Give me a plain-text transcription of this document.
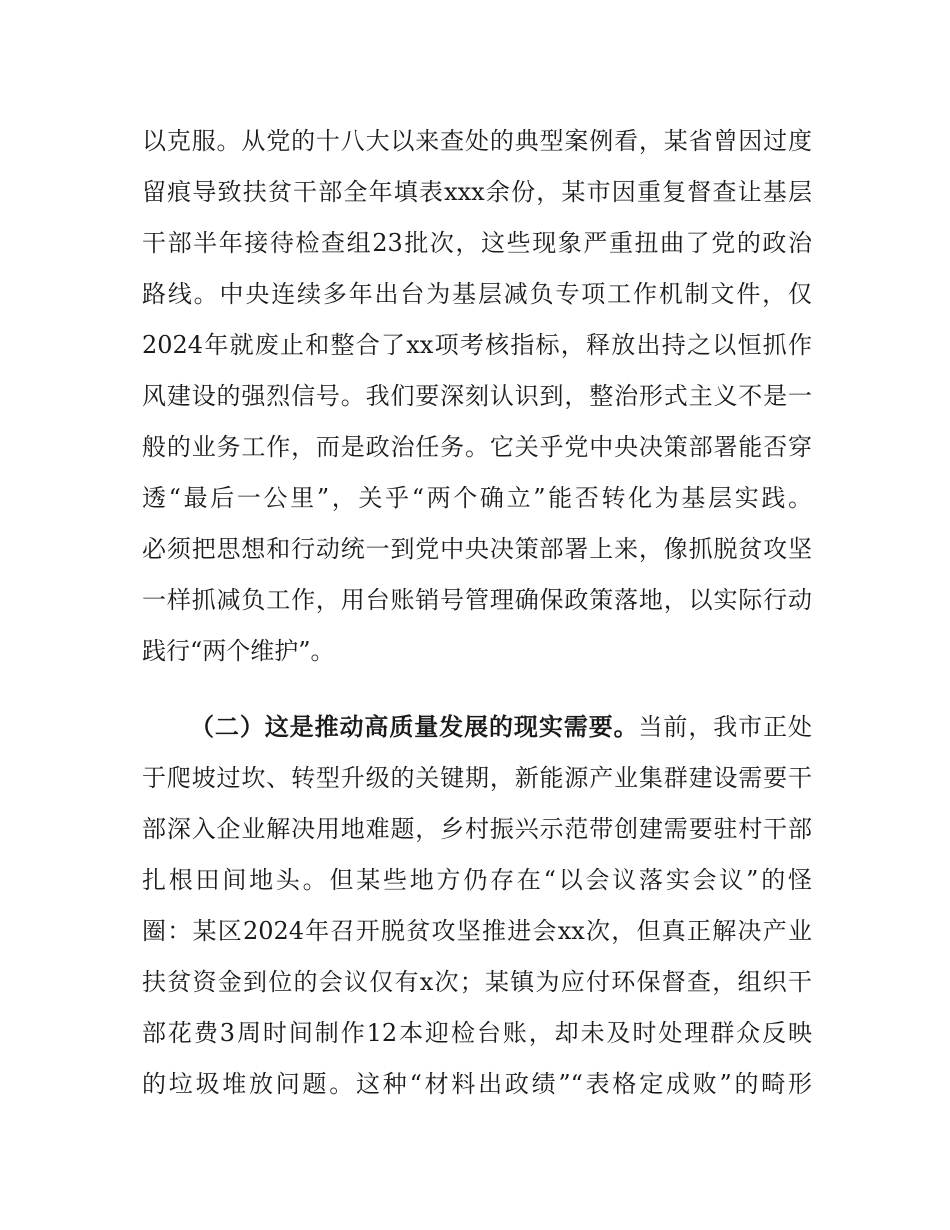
以克服。从党的十八大以来查处的典型案例看，某省曾因过度
留痕导致扶贫干部全年填表xxx余份，某市因重复督查让基层
干部半年接待检查组23批次，这些现象严重扭曲了党的政治
路线。中央连续多年出台为基层减负专项工作机制文件，仅
2024年就废止和整合了xx项考核指标，释放出持之以恒抓作
风建设的强烈信号。我们要深刻认识到，整治形式主义不是一
般的业务工作，而是政治任务。它关乎党中央决策部署能否穿
透“最后一公里”，关乎“两个确立”能否转化为基层实践。
必须把思想和行动统一到党中央决策部署上来，像抓脱贫攻坚
一样抓减负工作，用台账销号管理确保政策落地，以实际行动
践行“两个维护”。
（二）这是推动高质量发展的现实需要。当前，我市正处
于爬坡过坎、转型升级的关键期，新能源产业集群建设需要干
部深入企业解决用地难题，乡村振兴示范带创建需要驻村干部
扎根田间地头。但某些地方仍存在“以会议落实会议”的怪
圈：某区2024年召开脱贫攻坚推进会xx次，但真正解决产业
扶贫资金到位的会议仅有x次；某镇为应付环保督查，组织干
部花费3周时间制作12本迎检台账，却未及时处理群众反映
的垃圾堆放问题。这种“材料出政绩”“表格定成败”的畸形
